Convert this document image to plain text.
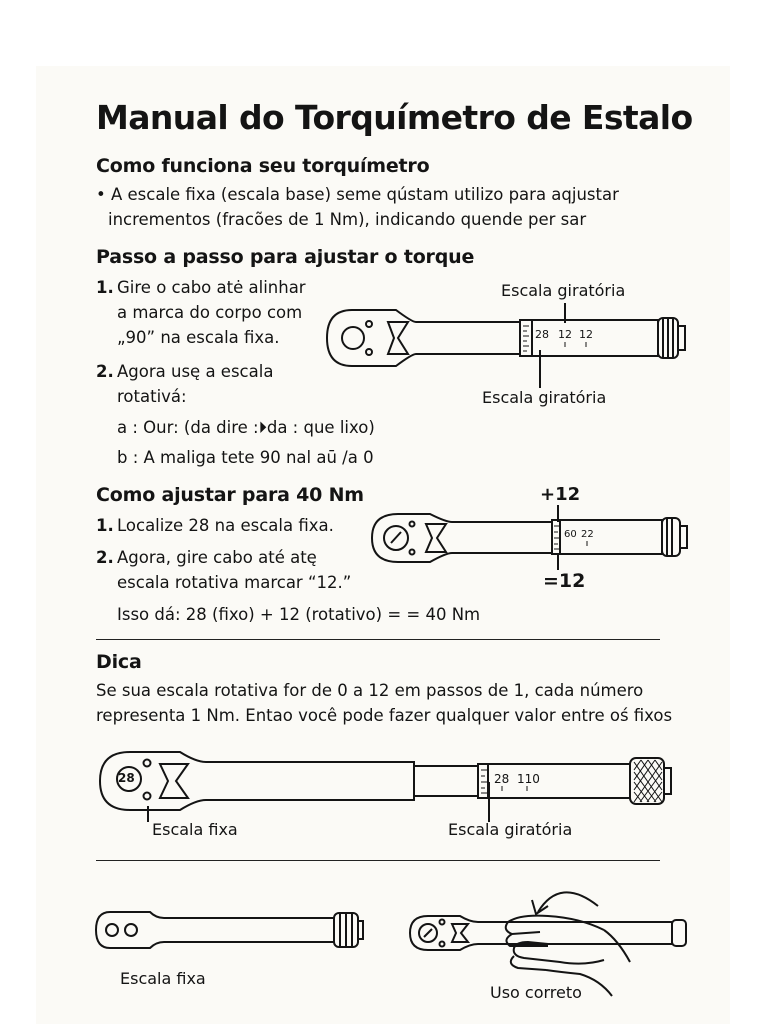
Manual do Torquímetro de Estalo
Como funciona seu torquímetro
• A escale fixa (escala base) seme qústam utilizo para aqjustar
incrementos (fracões de 1 Nm), indicando quende per sar
Passo a passo para ajustar o torque
1. Gire o cabo atė alinhar
a marca do corpo com
„90” na escala fixa.
2. Agora usę a escala
rotativá:
a : Our: (da dire :⏵da : que lixo)
b : A maliga tete 90 nal aū /a 0
Escala giratória
Escala giratória
28 12 12
Como ajustar para 40 Nm
1. Localize 28 na escala fixa.
2. Agora, gire cabo até atę
escala rotativa marcar “12.”
Isso dá: 28 (fixo) + 12 (rotativo) = = 40 Nm
+12
=12
60 22
Dica
Se sua escala rotativa for de 0 a 12 em passos de 1, cada número
representa 1 Nm. Entao você pode fazer qualquer valor entre oś fixos
28	28 110
Escala fixa	Escala giratória
Escala fixa
Uso correto
